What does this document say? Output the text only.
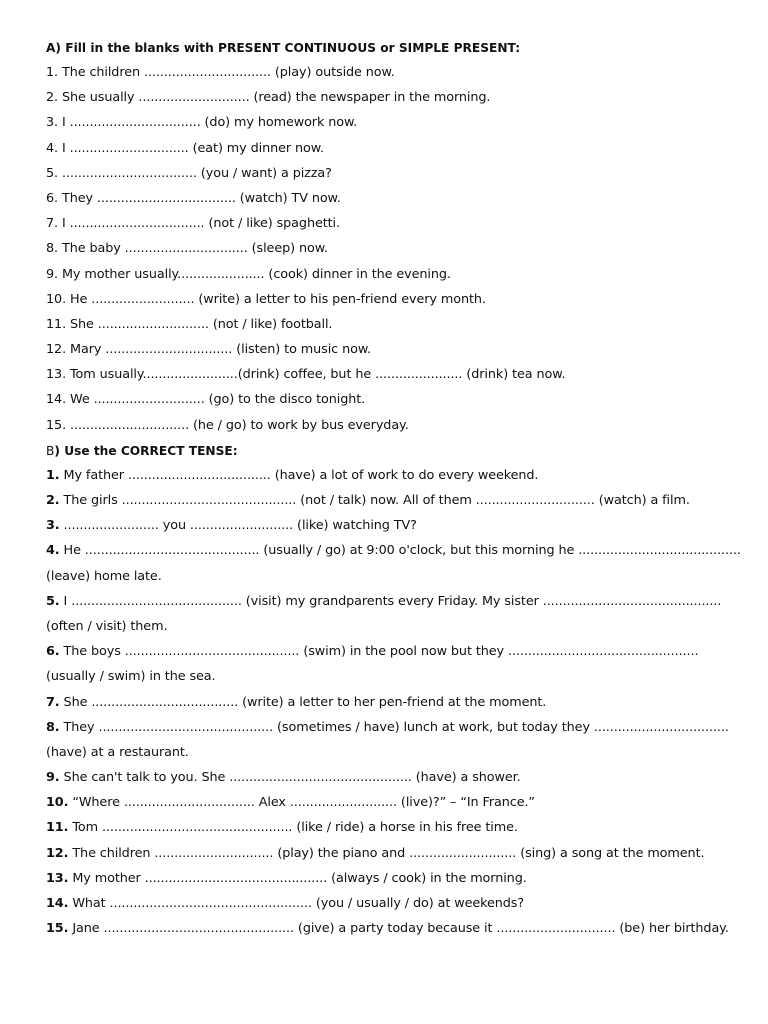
A) Fill in the blanks with PRESENT CONTINUOUS or SIMPLE PRESENT:
1. The children ................................ (play) outside now.
2. She usually ............................ (read) the newspaper in the morning.
3. I ................................. (do) my homework now.
4. I .............................. (eat) my dinner now.
5. .................................. (you / want) a pizza?
6. They ................................... (watch) TV now.
7. I .................................. (not / like) spaghetti.
8. The baby ............................... (sleep) now.
9. My mother usually...................... (cook) dinner in the evening.
10. He .......................... (write) a letter to his pen-friend every month.
11. She ............................ (not / like) football.
12. Mary ................................ (listen) to music now.
13. Tom usually........................(drink) coffee, but he ...................... (drink) tea now.
14. We ............................ (go) to the disco tonight.
15. .............................. (he / go) to work by bus everyday.
B) Use the CORRECT TENSE:
1. My father .................................... (have) a lot of work to do every weekend.
2. The girls ............................................ (not / talk) now. All of them .............................. (watch) a film.
3. ........................ you .......................... (like) watching TV?
4. He ............................................ (usually / go) at 9:00 o'clock, but this morning he .........................................
(leave) home late.
5. I ........................................... (visit) my grandparents every Friday. My sister .............................................
(often / visit) them.
6. The boys ............................................ (swim) in the pool now but they ................................................
(usually / swim) in the sea.
7. She ..................................... (write) a letter to her pen-friend at the moment.
8. They ............................................ (sometimes / have) lunch at work, but today they ..................................
(have) at a restaurant.
9. She can't talk to you. She .............................................. (have) a shower.
10. “Where ................................. Alex ........................... (live)?” – “In France.”
11. Tom ................................................ (like / ride) a horse in his free time.
12. The children .............................. (play) the piano and ........................... (sing) a song at the moment.
13. My mother .............................................. (always / cook) in the morning.
14. What ................................................... (you / usually / do) at weekends?
15. Jane ................................................ (give) a party today because it .............................. (be) her birthday.
